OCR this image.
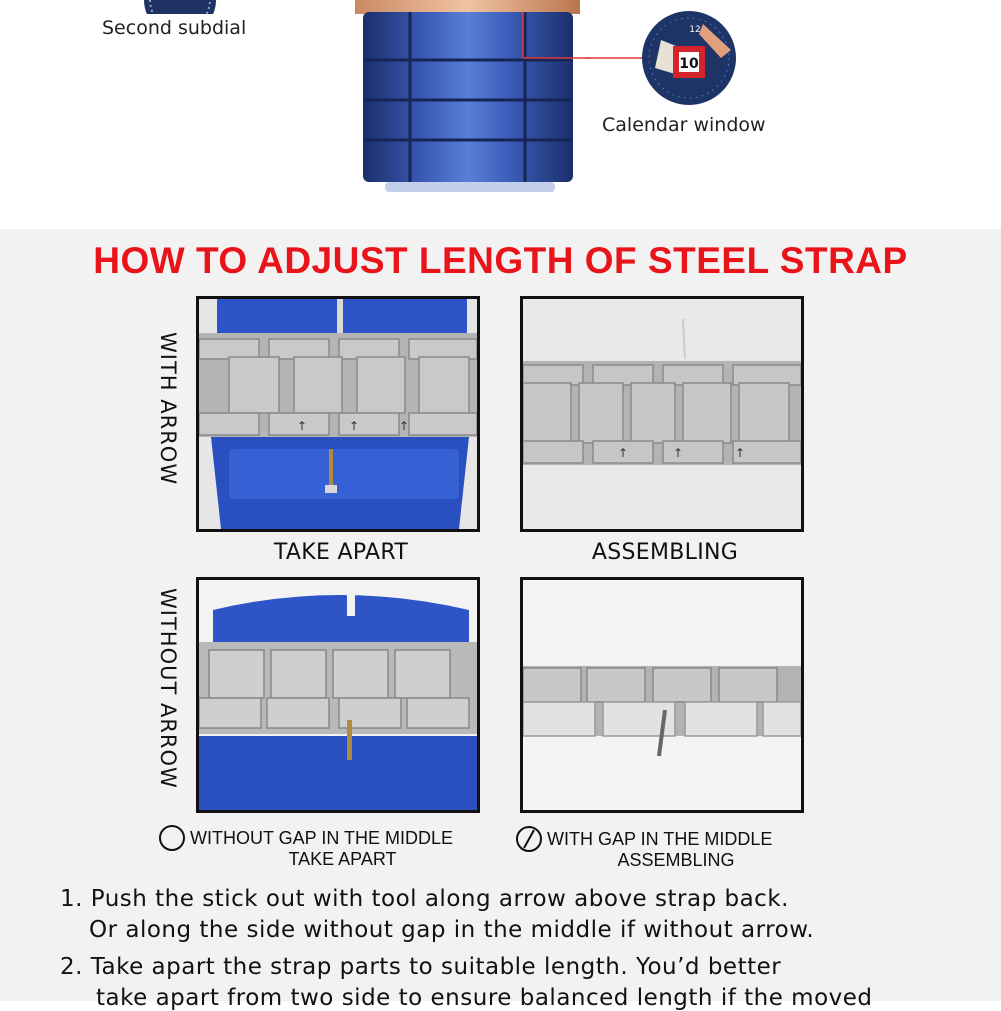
Second subdial
10
12
Calendar window
HOW TO ADJUST LENGTH OF STEEL STRAP
WITH ARROW
WITHOUT ARROW
↑	↑	↑
TAKE APART
↑	↑	↑
ASSEMBLING
WITHOUT GAP IN THE MIDDLE
TAKE APART
WITH GAP IN THE MIDDLE
ASSEMBLING
1. Push the stick out with tool along arrow above strap back.
Or along the side without gap in the middle if without arrow.
2. Take apart the strap parts to suitable length. You’d better
take apart from two side to ensure balanced length if the moved
